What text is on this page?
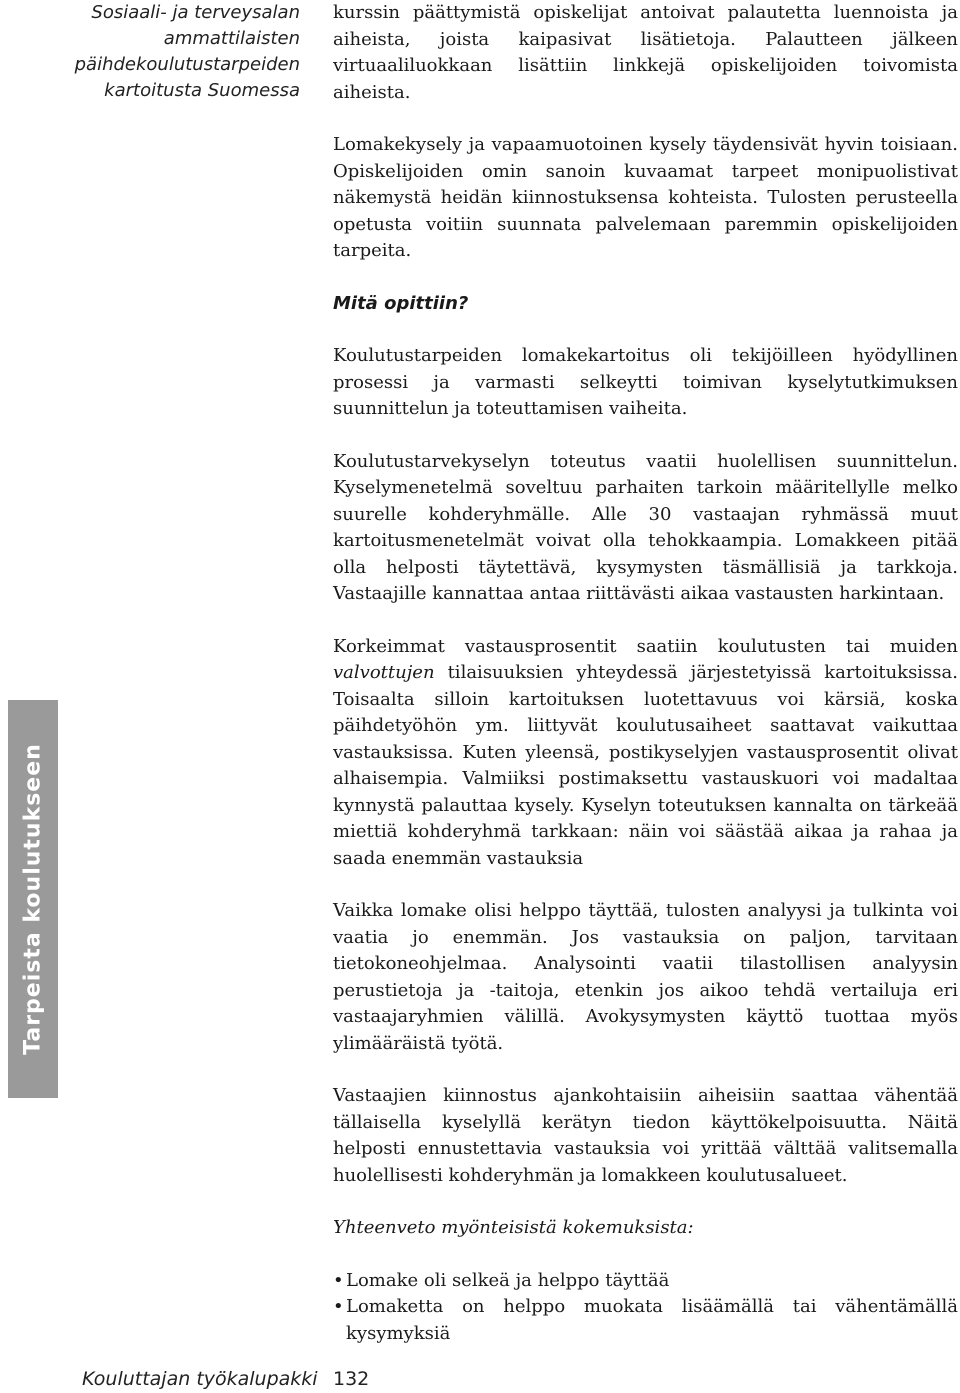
Sosiaali- ja terveysalan
ammattilaisten
päihdekoulutustarpeiden
kartoitusta Suomessa

kurssin päättymistä opiskelijat antoivat palautetta luennoista ja aiheista, joista kaipasivat lisätietoja. Palautteen jälkeen virtuaaliluokkaan lisättiin linkkejä opiskelijoiden toivomista aiheista.

Lomakekysely ja vapaamuotoinen kysely täydensivät hyvin toisiaan. Opiskelijoiden omin sanoin kuvaamat tarpeet monipuolistivat näkemystä heidän kiinnostuksensa kohteista. Tulosten perusteella opetusta voitiin suunnata palvelemaan paremmin opiskelijoiden tarpeita.

Mitä opittiin?

Koulutustarpeiden lomakekartoitus oli tekijöilleen hyödyllinen prosessi ja varmasti selkeytti toimivan kyselytutkimuksen suunnittelun ja toteuttamisen vaiheita.

Koulutustarvekyselyn toteutus vaatii huolellisen suunnittelun. Kyselymenetelmä soveltuu parhaiten tarkoin määritellylle melko suurelle kohderyhmälle. Alle 30 vastaajan ryhmässä muut kartoitusmenetelmät voivat olla tehokkaampia. Lomakkeen pitää olla helposti täytettävä, kysymysten täsmällisiä ja tarkkoja. Vastaajille kannattaa antaa riittävästi aikaa vastausten harkintaan.

Korkeimmat vastausprosentit saatiin koulutusten tai muiden valvottujen tilaisuuksien yhteydessä järjestetyissä kartoituksissa. Toisaalta silloin kartoituksen luotettavuus voi kärsiä, koska päihdetyöhön ym. liittyvät koulutusaiheet saattavat vaikuttaa vastauksissa. Kuten yleensä, postikyselyjen vastausprosentit olivat alhaisempia. Valmiiksi postimaksettu vastauskuori voi madaltaa kynnystä palauttaa kysely. Kyselyn toteutuksen kannalta on tärkeää miettiä kohderyhmä tarkkaan: näin voi säästää aikaa ja rahaa ja saada enemmän vastauksia

Vaikka lomake olisi helppo täyttää, tulosten analyysi ja tulkinta voi vaatia jo enemmän. Jos vastauksia on paljon, tarvitaan tietokoneohjelmaa. Analysointi vaatii tilastollisen analyysin perustietoja ja -taitoja, etenkin jos aikoo tehdä vertailuja eri vastaajaryhmien välillä. Avokysymysten käyttö tuottaa myös ylimääräistä työtä.

Vastaajien kiinnostus ajankohtaisiin aiheisiin saattaa vähentää tällaisella kyselyllä kerätyn tiedon käyttökelpoisuutta. Näitä helposti ennustettavia vastauksia voi yrittää välttää valitsemalla huolellisesti kohderyhmän ja lomakkeen koulutusalueet.

Yhteenveto myönteisistä kokemuksista:

• Lomake oli selkeä ja helppo täyttää
• Lomaketta on helppo muokata lisäämällä tai vähentämällä kysymyksiä
Tarpeista koulutukseen
Kouluttajan työkalupakki 132
